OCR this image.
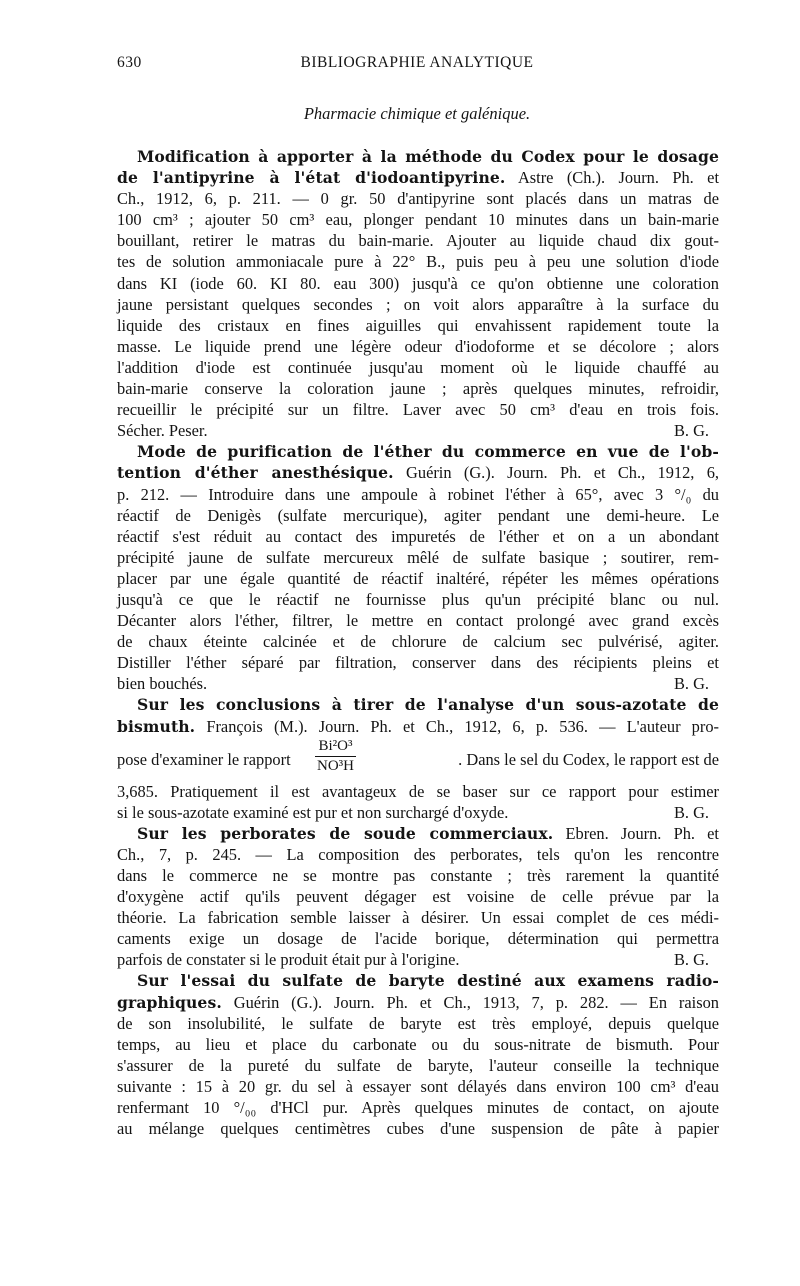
630	BIBLIOGRAPHIE ANALYTIQUE
Pharmacie chimique et galénique.
Modification à apporter à la méthode du Codex pour le dosage
de l'antipyrine à l'état d'iodoantipyrine. Astre (Ch.). Journ. Ph. et
Ch., 1912, 6, p. 211. — 0 gr. 50 d'antipyrine sont placés dans un matras de
100 cm³ ; ajouter 50 cm³ eau, plonger pendant 10 minutes dans un bain-marie
bouillant, retirer le matras du bain-marie. Ajouter au liquide chaud dix gout-
tes de solution ammoniacale pure à 22° B., puis peu à peu une solution d'iode
dans KI (iode 60. KI 80. eau 300) jusqu'à ce qu'on obtienne une coloration
jaune persistant quelques secondes ; on voit alors apparaître à la surface du
liquide des cristaux en fines aiguilles qui envahissent rapidement toute la
masse. Le liquide prend une légère odeur d'iodoforme et se décolore ; alors
l'addition d'iode est continuée jusqu'au moment où le liquide chauffé au
bain-marie conserve la coloration jaune ; après quelques minutes, refroidir,
recueillir le précipité sur un filtre. Laver avec 50 cm³ d'eau en trois fois.
Sécher. Peser.	B. G.
Mode de purification de l'éther du commerce en vue de l'ob-
tention d'éther anesthésique. Guérin (G.). Journ. Ph. et Ch., 1912, 6,
p. 212. — Introduire dans une ampoule à robinet l'éther à 65°, avec 3 °/₀ du
réactif de Denigès (sulfate mercurique), agiter pendant une demi-heure. Le
réactif s'est réduit au contact des impuretés de l'éther et on a un abondant
précipité jaune de sulfate mercureux mêlé de sulfate basique ; soutirer, rem-
placer par une égale quantité de réactif inaltéré, répéter les mêmes opérations
jusqu'à ce que le réactif ne fournisse plus qu'un précipité blanc ou nul.
Décanter alors l'éther, filtrer, le mettre en contact prolongé avec grand excès
de chaux éteinte calcinée et de chlorure de calcium sec pulvérisé, agiter.
Distiller l'éther séparé par filtration, conserver dans des récipients pleins et
bien bouchés.	B. G.
Sur les conclusions à tirer de l'analyse d'un sous-azotate de
bismuth. François (M.). Journ. Ph. et Ch., 1912, 6, p. 536. — L'auteur pro-
pose d'examiner le rapport $\frac{\text{Bi²O³}}{\text{NO³H}}$	. Dans le sel du Codex, le rapport est de
3,685. Pratiquement il est avantageux de se baser sur ce rapport pour estimer
si le sous-azotate examiné est pur et non surchargé d'oxyde.	B. G.
Sur les perborates de soude commerciaux. Ebren. Journ. Ph. et
Ch., 7, p. 245. — La composition des perborates, tels qu'on les rencontre
dans le commerce ne se montre pas constante ; très rarement la quantité
d'oxygène actif qu'ils peuvent dégager est voisine de celle prévue par la
théorie. La fabrication semble laisser à désirer. Un essai complet de ces médi-
caments exige un dosage de l'acide borique, détermination qui permettra
parfois de constater si le produit était pur à l'origine.	B. G.
Sur l'essai du sulfate de baryte destiné aux examens radio-
graphiques. Guérin (G.). Journ. Ph. et Ch., 1913, 7, p. 282. — En raison
de son insolubilité, le sulfate de baryte est très employé, depuis quelque
temps, au lieu et place du carbonate ou du sous-nitrate de bismuth. Pour
s'assurer de la pureté du sulfate de baryte, l'auteur conseille la technique
suivante : 15 à 20 gr. du sel à essayer sont délayés dans environ 100 cm³ d'eau
renfermant 10 °/₀₀ d'HCl pur. Après quelques minutes de contact, on ajoute
au mélange quelques centimètres cubes d'une suspension de pâte à papier
